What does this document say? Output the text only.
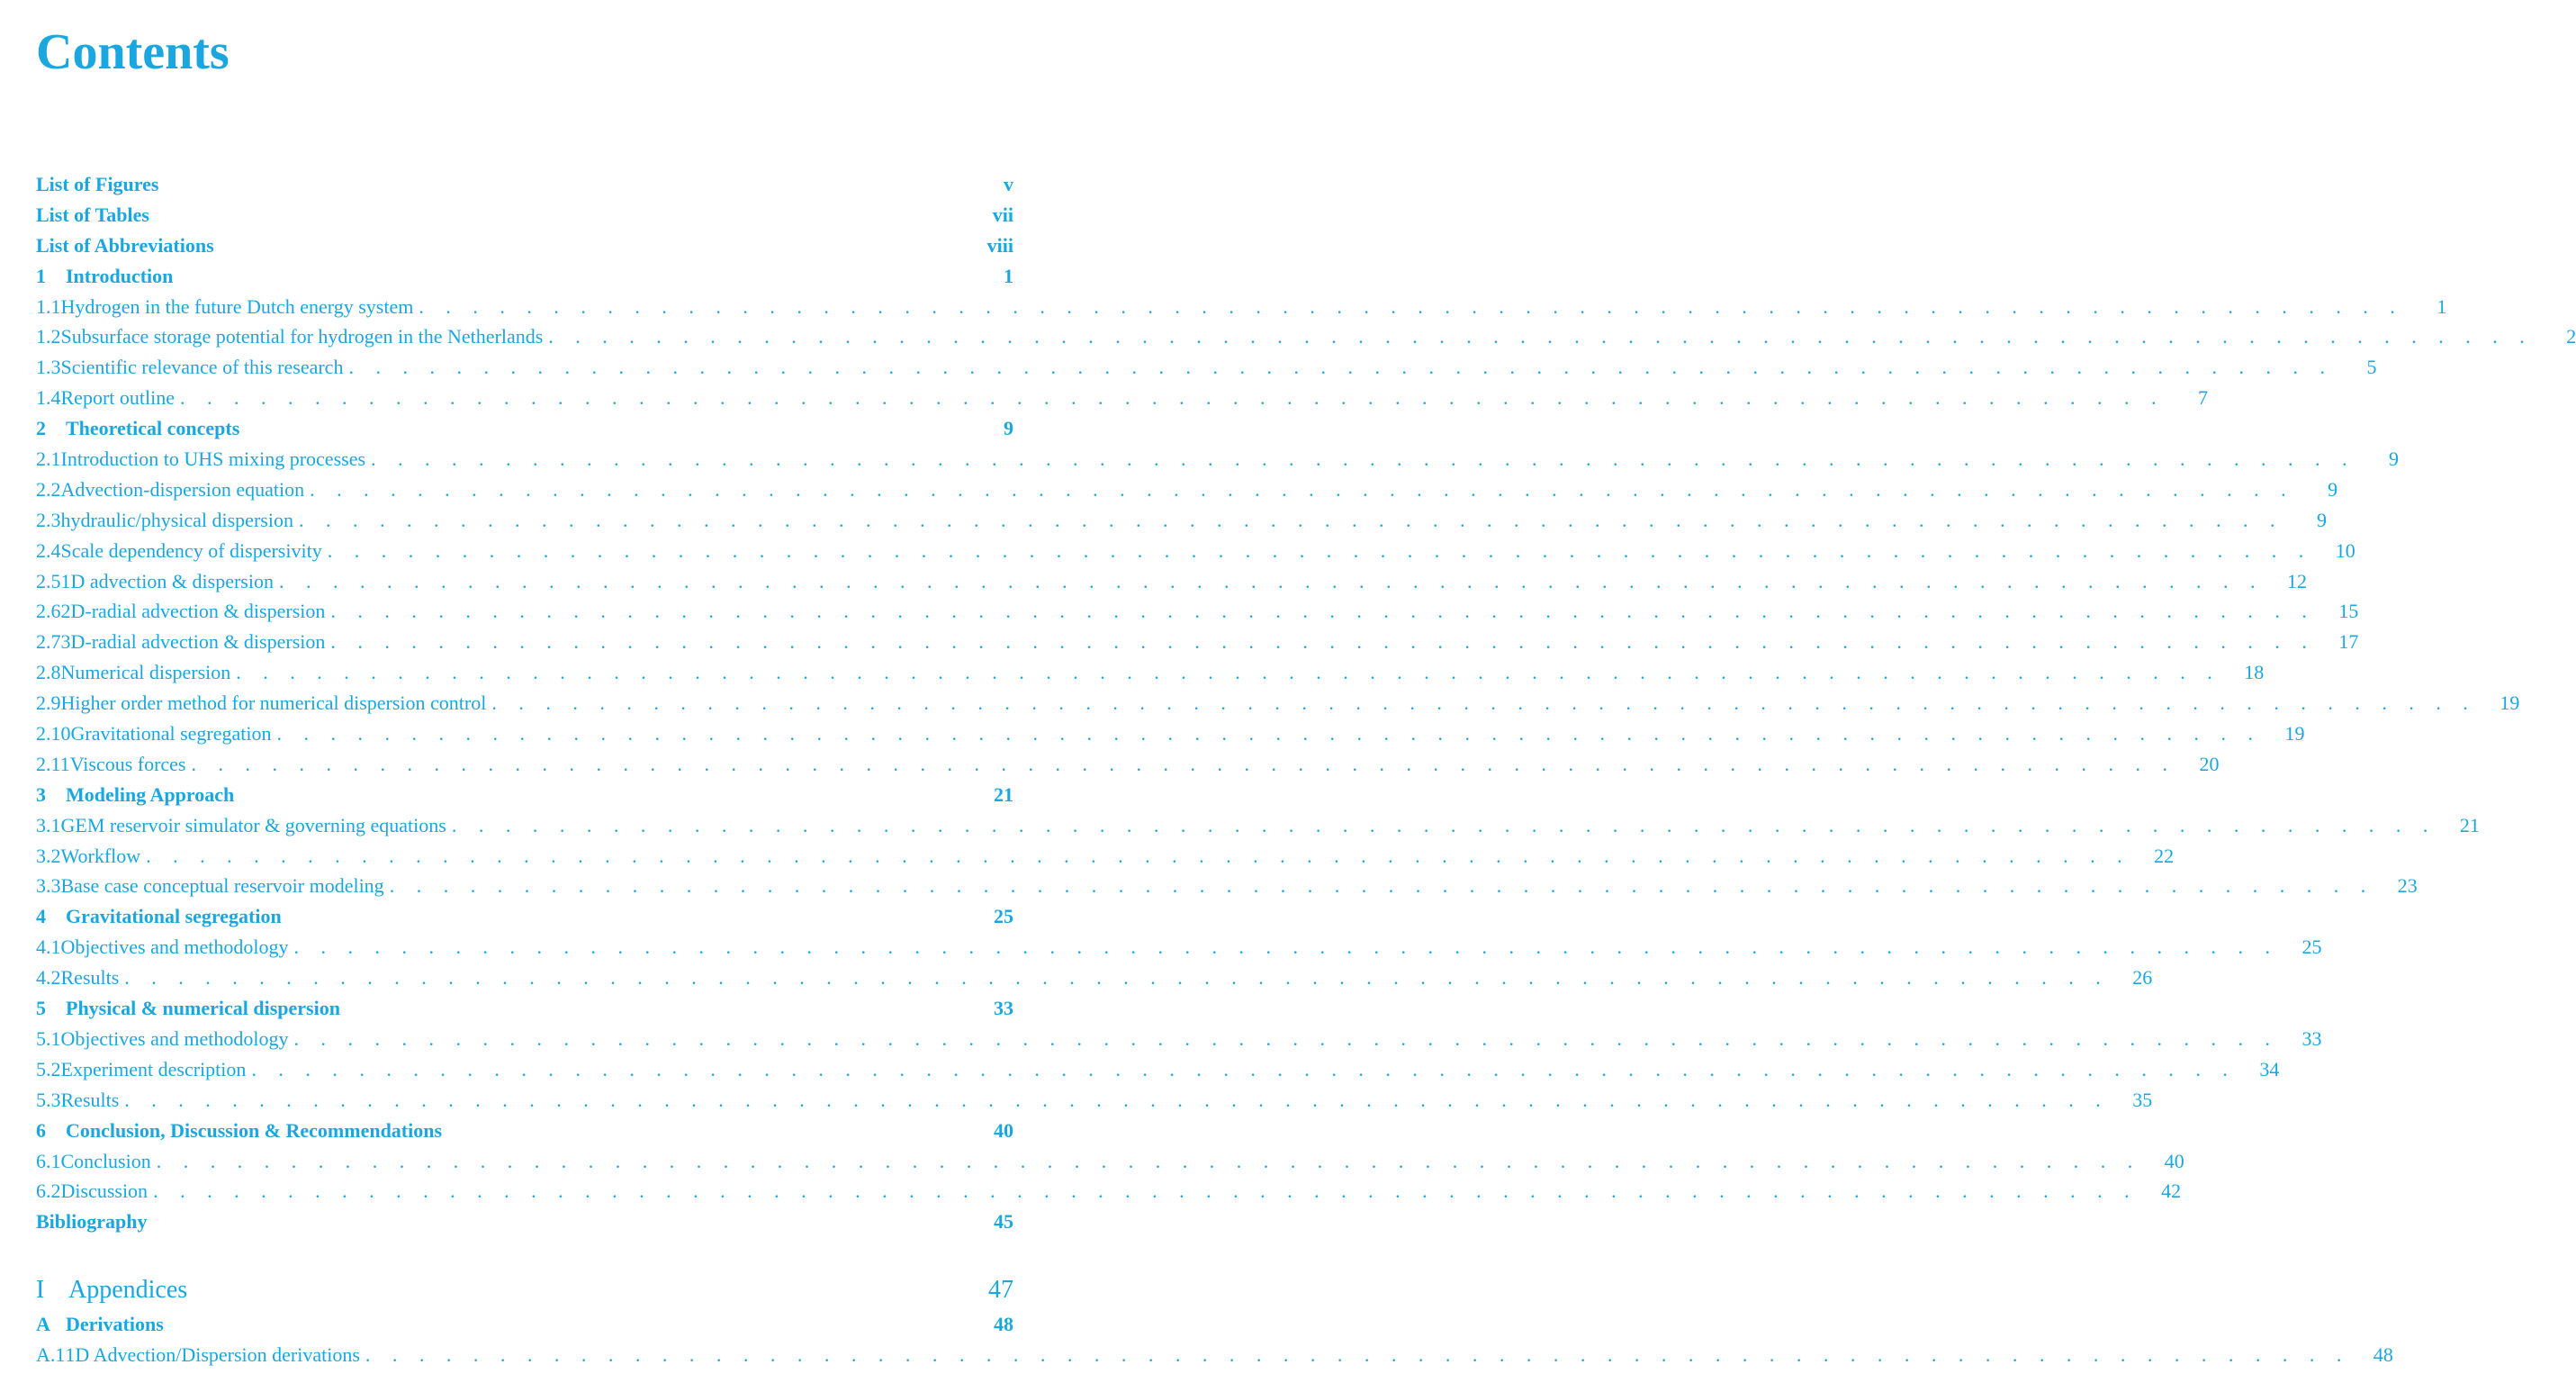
Contents
List of Figures	v
List of Tables	vii
List of Abbreviations	viii
1	Introduction	1
1.1 Hydrogen in the future Dutch energy system . . . . . . . . . . . . . . . . . . . . . . . . . . . . . . . . . . . . . . . . . . . . . . . . . . . . . . . . . . . . . . . . . . . . . . . . . .	1
1.2 Subsurface storage potential for hydrogen in the Netherlands . . . . . . . . . . . . . . . . . . . . . . . . . . . . . . . . . . . . . . . . . . . . . . . . . . . . . . . . . . . . . . . . . . . . . . . . . .	2
1.3 Scientific relevance of this research . . . . . . . . . . . . . . . . . . . . . . . . . . . . . . . . . . . . . . . . . . . . . . . . . . . . . . . . . . . . . . . . . . . . . . . . . .	5
1.4 Report outline . . . . . . . . . . . . . . . . . . . . . . . . . . . . . . . . . . . . . . . . . . . . . . . . . . . . . . . . . . . . . . . . . . . . . . . . . .	7
2	Theoretical concepts	9
2.1 Introduction to UHS mixing processes . . . . . . . . . . . . . . . . . . . . . . . . . . . . . . . . . . . . . . . . . . . . . . . . . . . . . . . . . . . . . . . . . . . . . . . . . .	9
2.2 Advection-dispersion equation . . . . . . . . . . . . . . . . . . . . . . . . . . . . . . . . . . . . . . . . . . . . . . . . . . . . . . . . . . . . . . . . . . . . . . . . . .	9
2.3 hydraulic/physical dispersion . . . . . . . . . . . . . . . . . . . . . . . . . . . . . . . . . . . . . . . . . . . . . . . . . . . . . . . . . . . . . . . . . . . . . . . . . .	9
2.4 Scale dependency of dispersivity . . . . . . . . . . . . . . . . . . . . . . . . . . . . . . . . . . . . . . . . . . . . . . . . . . . . . . . . . . . . . . . . . . . . . . . . . . 10
2.5 1D advection & dispersion . . . . . . . . . . . . . . . . . . . . . . . . . . . . . . . . . . . . . . . . . . . . . . . . . . . . . . . . . . . . . . . . . . . . . . . . . . 12
2.6 2D-radial advection & dispersion . . . . . . . . . . . . . . . . . . . . . . . . . . . . . . . . . . . . . . . . . . . . . . . . . . . . . . . . . . . . . . . . . . . . . . . . . . 15
2.7 3D-radial advection & dispersion . . . . . . . . . . . . . . . . . . . . . . . . . . . . . . . . . . . . . . . . . . . . . . . . . . . . . . . . . . . . . . . . . . . . . . . . . . 17
2.8 Numerical dispersion . . . . . . . . . . . . . . . . . . . . . . . . . . . . . . . . . . . . . . . . . . . . . . . . . . . . . . . . . . . . . . . . . . . . . . . . . . 18
2.9 Higher order method for numerical dispersion control . . . . . . . . . . . . . . . . . . . . . . . . . . . . . . . . . . . . . . . . . . . . . . . . . . . . . . . . . . . . . . . . . . . . . . . . . . 19
2.10 Gravitational segregation . . . . . . . . . . . . . . . . . . . . . . . . . . . . . . . . . . . . . . . . . . . . . . . . . . . . . . . . . . . . . . . . . . . . . . . . . . 19
2.11 Viscous forces . . . . . . . . . . . . . . . . . . . . . . . . . . . . . . . . . . . . . . . . . . . . . . . . . . . . . . . . . . . . . . . . . . . . . . . . . . 20
3	Modeling Approach	21
3.1 GEM reservoir simulator & governing equations . . . . . . . . . . . . . . . . . . . . . . . . . . . . . . . . . . . . . . . . . . . . . . . . . . . . . . . . . . . . . . . . . . . . . . . . . . 21
3.2 Workflow . . . . . . . . . . . . . . . . . . . . . . . . . . . . . . . . . . . . . . . . . . . . . . . . . . . . . . . . . . . . . . . . . . . . . . . . . . 22
3.3 Base case conceptual reservoir modeling . . . . . . . . . . . . . . . . . . . . . . . . . . . . . . . . . . . . . . . . . . . . . . . . . . . . . . . . . . . . . . . . . . . . . . . . . . 23
4	Gravitational segregation	25
4.1 Objectives and methodology . . . . . . . . . . . . . . . . . . . . . . . . . . . . . . . . . . . . . . . . . . . . . . . . . . . . . . . . . . . . . . . . . . . . . . . . . . 25
4.2 Results . . . . . . . . . . . . . . . . . . . . . . . . . . . . . . . . . . . . . . . . . . . . . . . . . . . . . . . . . . . . . . . . . . . . . . . . . . 26
5	Physical & numerical dispersion	33
5.1 Objectives and methodology . . . . . . . . . . . . . . . . . . . . . . . . . . . . . . . . . . . . . . . . . . . . . . . . . . . . . . . . . . . . . . . . . . . . . . . . . . 33
5.2 Experiment description . . . . . . . . . . . . . . . . . . . . . . . . . . . . . . . . . . . . . . . . . . . . . . . . . . . . . . . . . . . . . . . . . . . . . . . . . . 34
5.3 Results . . . . . . . . . . . . . . . . . . . . . . . . . . . . . . . . . . . . . . . . . . . . . . . . . . . . . . . . . . . . . . . . . . . . . . . . . . 35
6	Conclusion, Discussion & Recommendations	40
6.1 Conclusion . . . . . . . . . . . . . . . . . . . . . . . . . . . . . . . . . . . . . . . . . . . . . . . . . . . . . . . . . . . . . . . . . . . . . . . . . . 40
6.2 Discussion . . . . . . . . . . . . . . . . . . . . . . . . . . . . . . . . . . . . . . . . . . . . . . . . . . . . . . . . . . . . . . . . . . . . . . . . . . 42
Bibliography	45
I Appendices	47
A Derivations	48
A.1 1D Advection/Dispersion derivations . . . . . . . . . . . . . . . . . . . . . . . . . . . . . . . . . . . . . . . . . . . . . . . . . . . . . . . . . . . . . . . . . . . . . . . . . . 48
